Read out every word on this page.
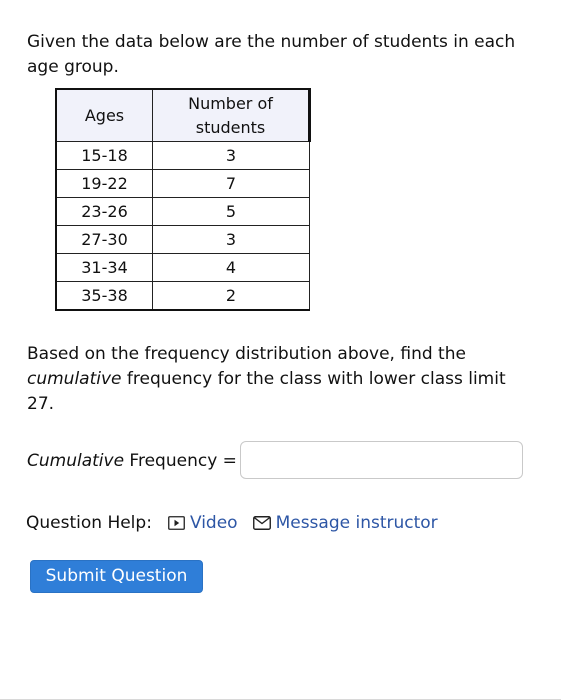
Given the data below are the number of students in each age group.
Ages	Number of students
15-18	3
19-22	7
23-26	5
27-30	3
31-34	4
35-38	2
Based on the frequency distribution above, find the cumulative frequency for the class with lower class limit 27.
Cumulative Frequency =
Question Help: Video Message instructor
Submit Question
